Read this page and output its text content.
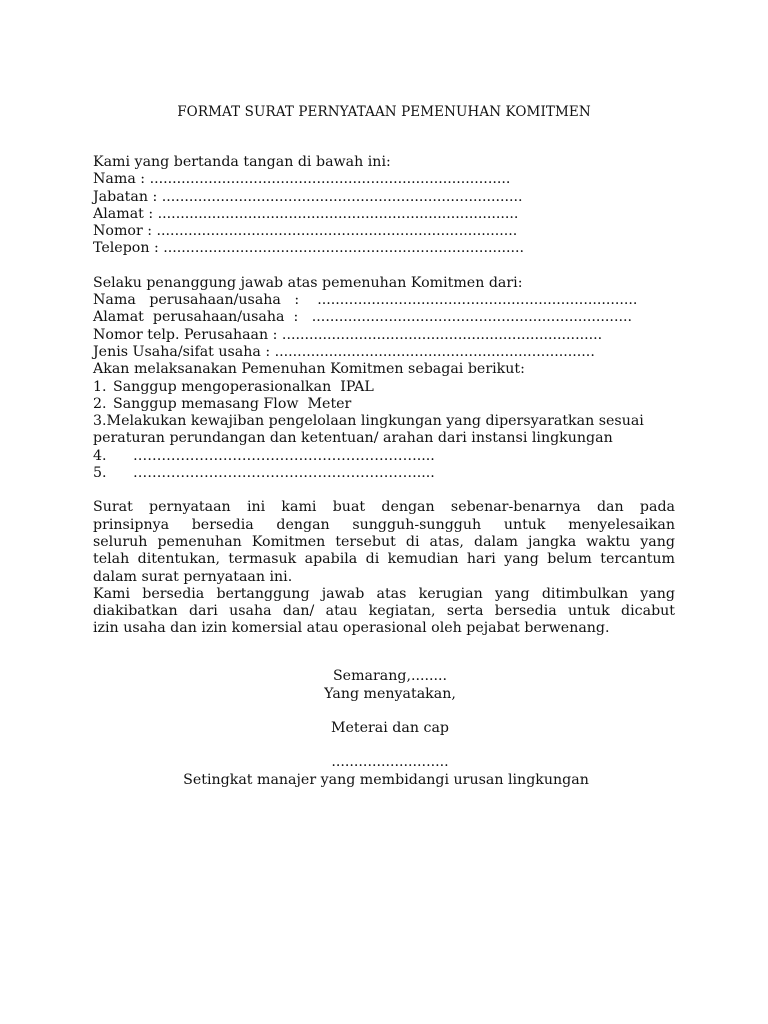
FORMAT SURAT PERNYATAAN PEMENUHAN KOMITMEN
Kami yang bertanda tangan di bawah ini:
Nama : ................................................................................
Jabatan : ................................................................................
Alamat : ................................................................................
Nomor : ................................................................................
Telepon : ................................................................................
Selaku penanggung jawab atas pemenuhan Komitmen dari:
Nama   perusahaan/usaha   :    .......................................................................
Alamat  perusahaan/usaha  :   .......................................................................
Nomor telp. Perusahaan : .......................................................................
Jenis Usaha/sifat usaha : .......................................................................
Akan melaksanakan Pemenuhan Komitmen sebagai berikut:
1. Sanggup mengoperasionalkan  IPAL
2. Sanggup memasang Flow  Meter
3.Melakukan kewajiban pengelolaan lingkungan yang dipersyaratkan sesuai
peraturan perundangan dan ketentuan/ arahan dari instansi lingkungan
4. ……………………………………………………....
5. ……………………………………………………....
Surat pernyataan ini kami buat dengan sebenar-benarnya dan pada
prinsipnya bersedia dengan sungguh-sungguh untuk menyelesaikan
seluruh pemenuhan Komitmen tersebut di atas, dalam jangka waktu yang
telah ditentukan, termasuk apabila di kemudian hari yang belum tercantum
dalam surat pernyataan ini.
Kami bersedia bertanggung jawab atas kerugian yang ditimbulkan yang
diakibatkan dari usaha dan/ atau kegiatan, serta bersedia untuk dicabut
izin usaha dan izin komersial atau operasional oleh pejabat berwenang.
Semarang,........
Yang menyatakan,
Meterai dan cap
..........................
Setingkat manajer yang membidangi urusan lingkungan
